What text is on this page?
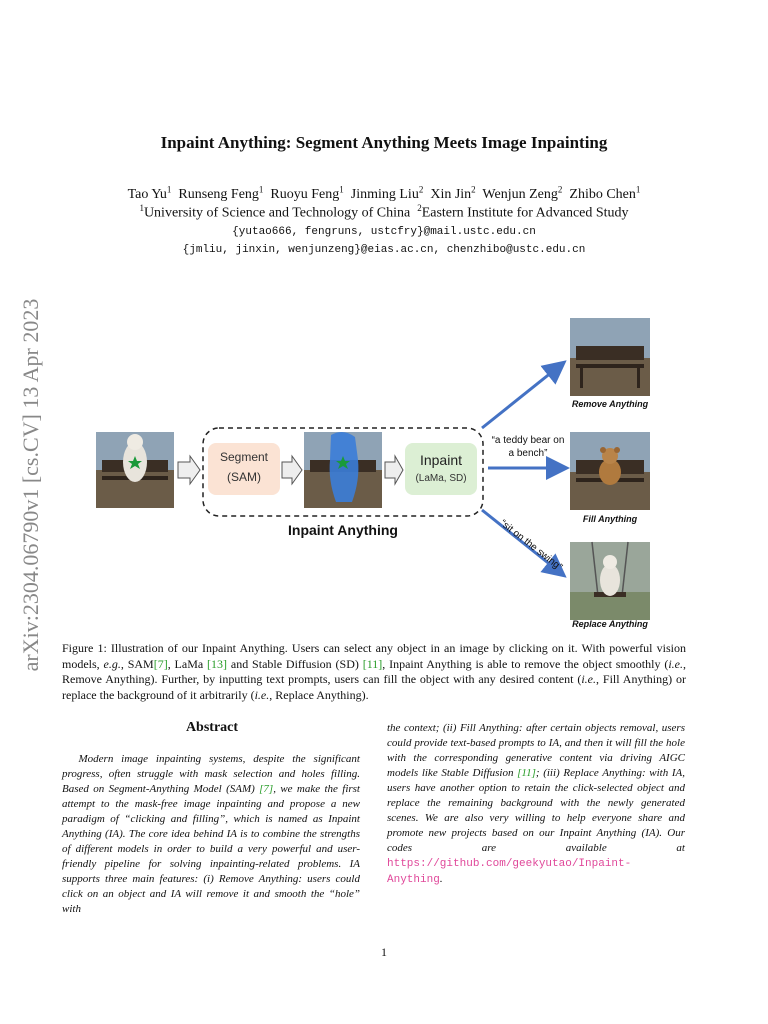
Inpaint Anything: Segment Anything Meets Image Inpainting
Tao Yu$^1$ Runseng Feng$^1$ Ruoyu Feng$^1$ Jinming Liu$^2$ Xin Jin$^2$ Wenjun Zeng$^2$ Zhibo Chen$^1$
$^1$University of Science and Technology of China $^2$Eastern Institute for Advanced Study
{yutao666, fengruns, ustcfry}@mail.ustc.edu.cn
{jmliu, jinxin, wenjunzeng}@eias.ac.cn, chenzhibo@ustc.edu.cn
arXiv:2304.06790v1 [cs.CV] 13 Apr 2023	Segment
(SAM)
Inpaint
(LaMa, SD)
Inpaint Anything
“a teddy bear on a bench”
“sit on the swing”
Remove Anything
Fill Anything
Replace Anything
Figure 1: Illustration of our Inpaint Anything. Users can select any object in an image by clicking on it. With powerful vision models, e.g., SAM[7], LaMa [13] and Stable Diffusion (SD) [11], Inpaint Anything is able to remove the object smoothly (i.e., Remove Anything). Further, by inputting text prompts, users can fill the object with any desired content (i.e., Fill Anything) or replace the background of it arbitrarily (i.e., Replace Anything).
Abstract
Modern image inpainting systems, despite the significant progress, often struggle with mask selection and holes filling. Based on Segment-Anything Model (SAM) [7], we make the first attempt to the mask-free image inpainting and propose a new paradigm of “clicking and filling”, which is named as Inpaint Anything (IA). The core idea behind IA is to combine the strengths of different models in order to build a very powerful and user-friendly pipeline for solving inpainting-related problems. IA supports three main features: (i) Remove Anything: users could click on an object and IA will remove it and smooth the “hole” with
the context; (ii) Fill Anything: after certain objects removal, users could provide text-based prompts to IA, and then it will fill the hole with the corresponding generative content via driving AIGC models like Stable Diffusion [11]; (iii) Replace Anything: with IA, users have another option to retain the click-selected object and replace the remaining background with the newly generated scenes. We are also very willing to help everyone share and promote new projects based on our Inpaint Anything (IA). Our codes are available at https://github.com/geekyutao/Inpaint-Anything.
1
